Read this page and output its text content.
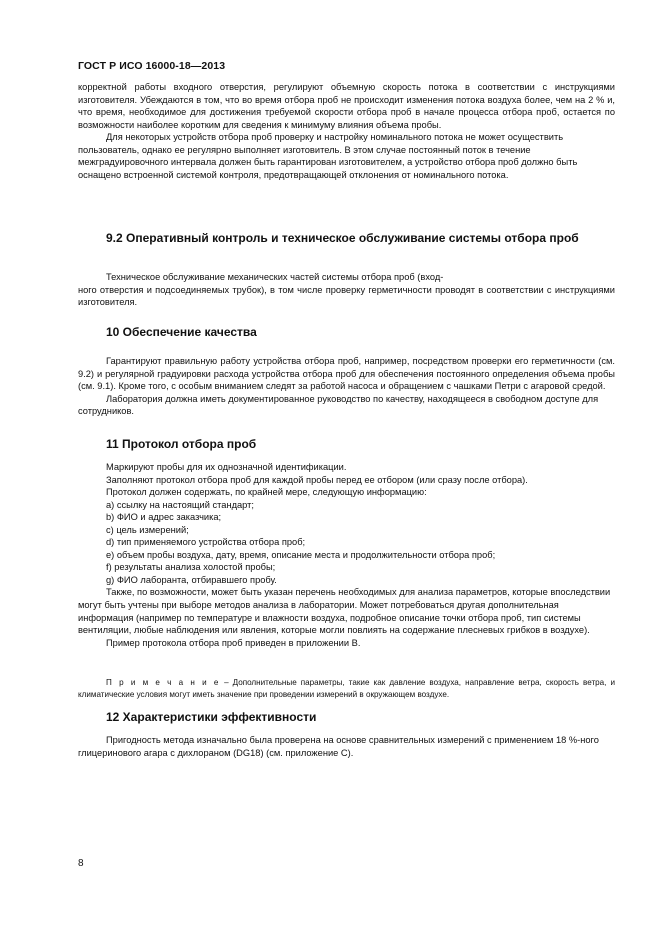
ГОСТ Р ИСО 16000-18—2013

корректной работы входного отверстия, регулируют объемную скорость потока в соответствии с инструкциями изготовителя. Убеждаются в том, что во время отбора проб не происходит изменения потока воздуха более, чем на 2 % и, что время, необходимое для достижения требуемой скорости отбора проб в начале процесса отбора проб, остается по возможности наиболее коротким для сведения к минимуму влияния объема пробы.

Для некоторых устройств отбора проб проверку и настройку номинального потока не может осуществить пользователь, однако ее регулярно выполняет изготовитель. В этом случае постоянный поток в течение межградуировочного интервала должен быть гарантирован изготовителем, а устройство отбора проб должно быть оснащено встроенной системой контроля, предотвращающей отклонения от номинального потока.

9.2 Оперативный контроль и техническое обслуживание системы отбора проб

Техническое обслуживание механических частей системы отбора проб (вход-

ного отверстия и подсоединяемых трубок), в том числе проверку герметичности проводят в соответствии с инструкциями изготовителя.

10 Обеспечение качества

Гарантируют правильную работу устройства отбора проб, например, посредством проверки его герметичности (см. 9.2) и регулярной градуировки расхода устройства отбора проб для обеспечения постоянного определения объема пробы (см. 9.1). Кроме того, с особым вниманием следят за работой насоса и обращением с чашками Петри с агаровой средой.

Лаборатория должна иметь документированное руководство по качеству, находящееся в свободном доступе для сотрудников.

11 Протокол отбора проб

Маркируют пробы для их однозначной идентификации.

Заполняют протокол отбора проб для каждой пробы перед ее отбором (или сразу после отбора).

Протокол должен содержать, по крайней мере, следующую информацию:

а) ссылку на настоящий стандарт;

b) ФИО и адрес заказчика;

с) цель измерений;

d) тип применяемого устройства отбора проб;

е) объем пробы воздуха, дату, время, описание места и продолжительности отбора проб;

f) результаты анализа холостой пробы;

g) ФИО лаборанта, отбиравшего пробу.

Также, по возможности, может быть указан перечень необходимых для анализа параметров, которые впоследствии могут быть учтены при выборе методов анализа в лаборатории. Может потребоваться другая дополнительная информация (например по температуре и влажности воздуха, подробное описание точки отбора проб, тип системы вентиляции, любые наблюдения или явления, которые могли повлиять на содержание плесневых грибков в воздухе).

Пример протокола отбора проб приведен в приложении В.

П р и м е ч а н и е – Дополнительные параметры, такие как давление воздуха, направление ветра, скорость ветра, и климатические условия могут иметь значение при проведении измерений в окружающем воздухе.

12 Характеристики эффективности

Пригодность метода изначально была проверена на основе сравнительных измерений с применением 18 %-ного глицеринового агара с дихлораном (DG18) (см. приложение С).

8
